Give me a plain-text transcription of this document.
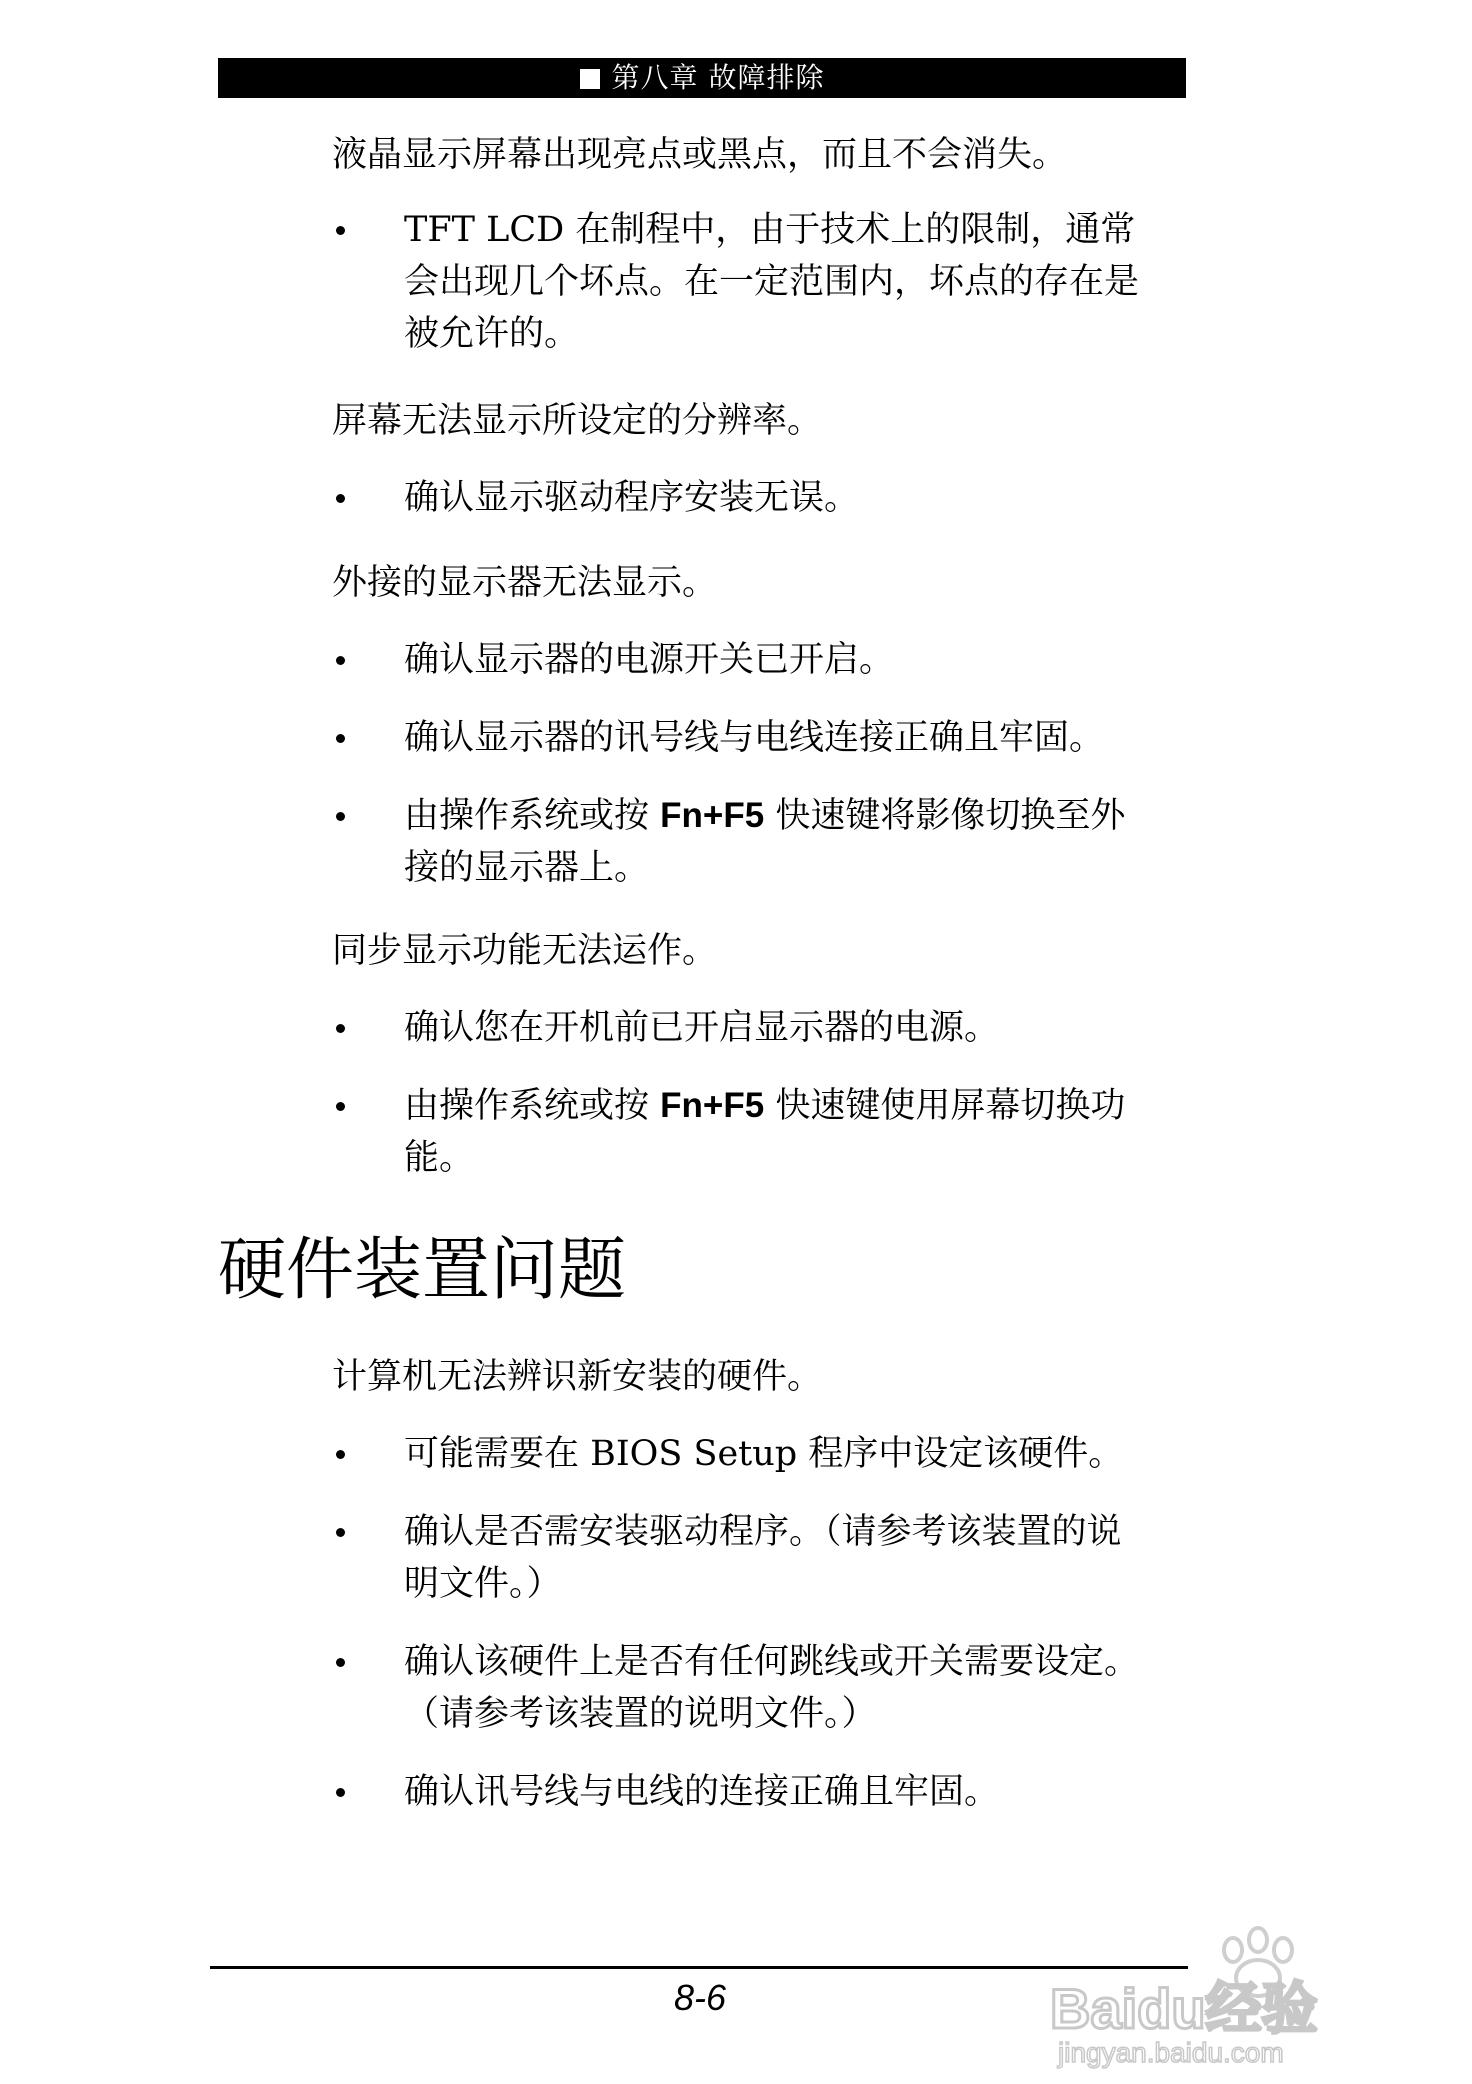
第八章 故障排除

液晶显示屏幕出现亮点或黑点，而且不会消失。

TFT LCD 在制程中，由于技术上的限制，通常会出现几个坏点。在一定范围内，坏点的存在是被允许的。

屏幕无法显示所设定的分辨率。

确认显示驱动程序安装无误。

外接的显示器无法显示。

确认显示器的电源开关已开启。
确认显示器的讯号线与电线连接正确且牢固。
由操作系统或按 Fn+F5 快速键将影像切换至外接的显示器上。

同步显示功能无法运作。

确认您在开机前已开启显示器的电源。
由操作系统或按 Fn+F5 快速键使用屏幕切换功能。
硬件装置问题

计算机无法辨识新安装的硬件。

可能需要在 BIOS Setup 程序中设定该硬件。
确认是否需安装驱动程序。（请参考该装置的说明文件。）
确认该硬件上是否有任何跳线或开关需要设定。（请参考该装置的说明文件。）
确认讯号线与电线的连接正确且牢固。
8-6	Baidu经验
jingyan.baidu.com
